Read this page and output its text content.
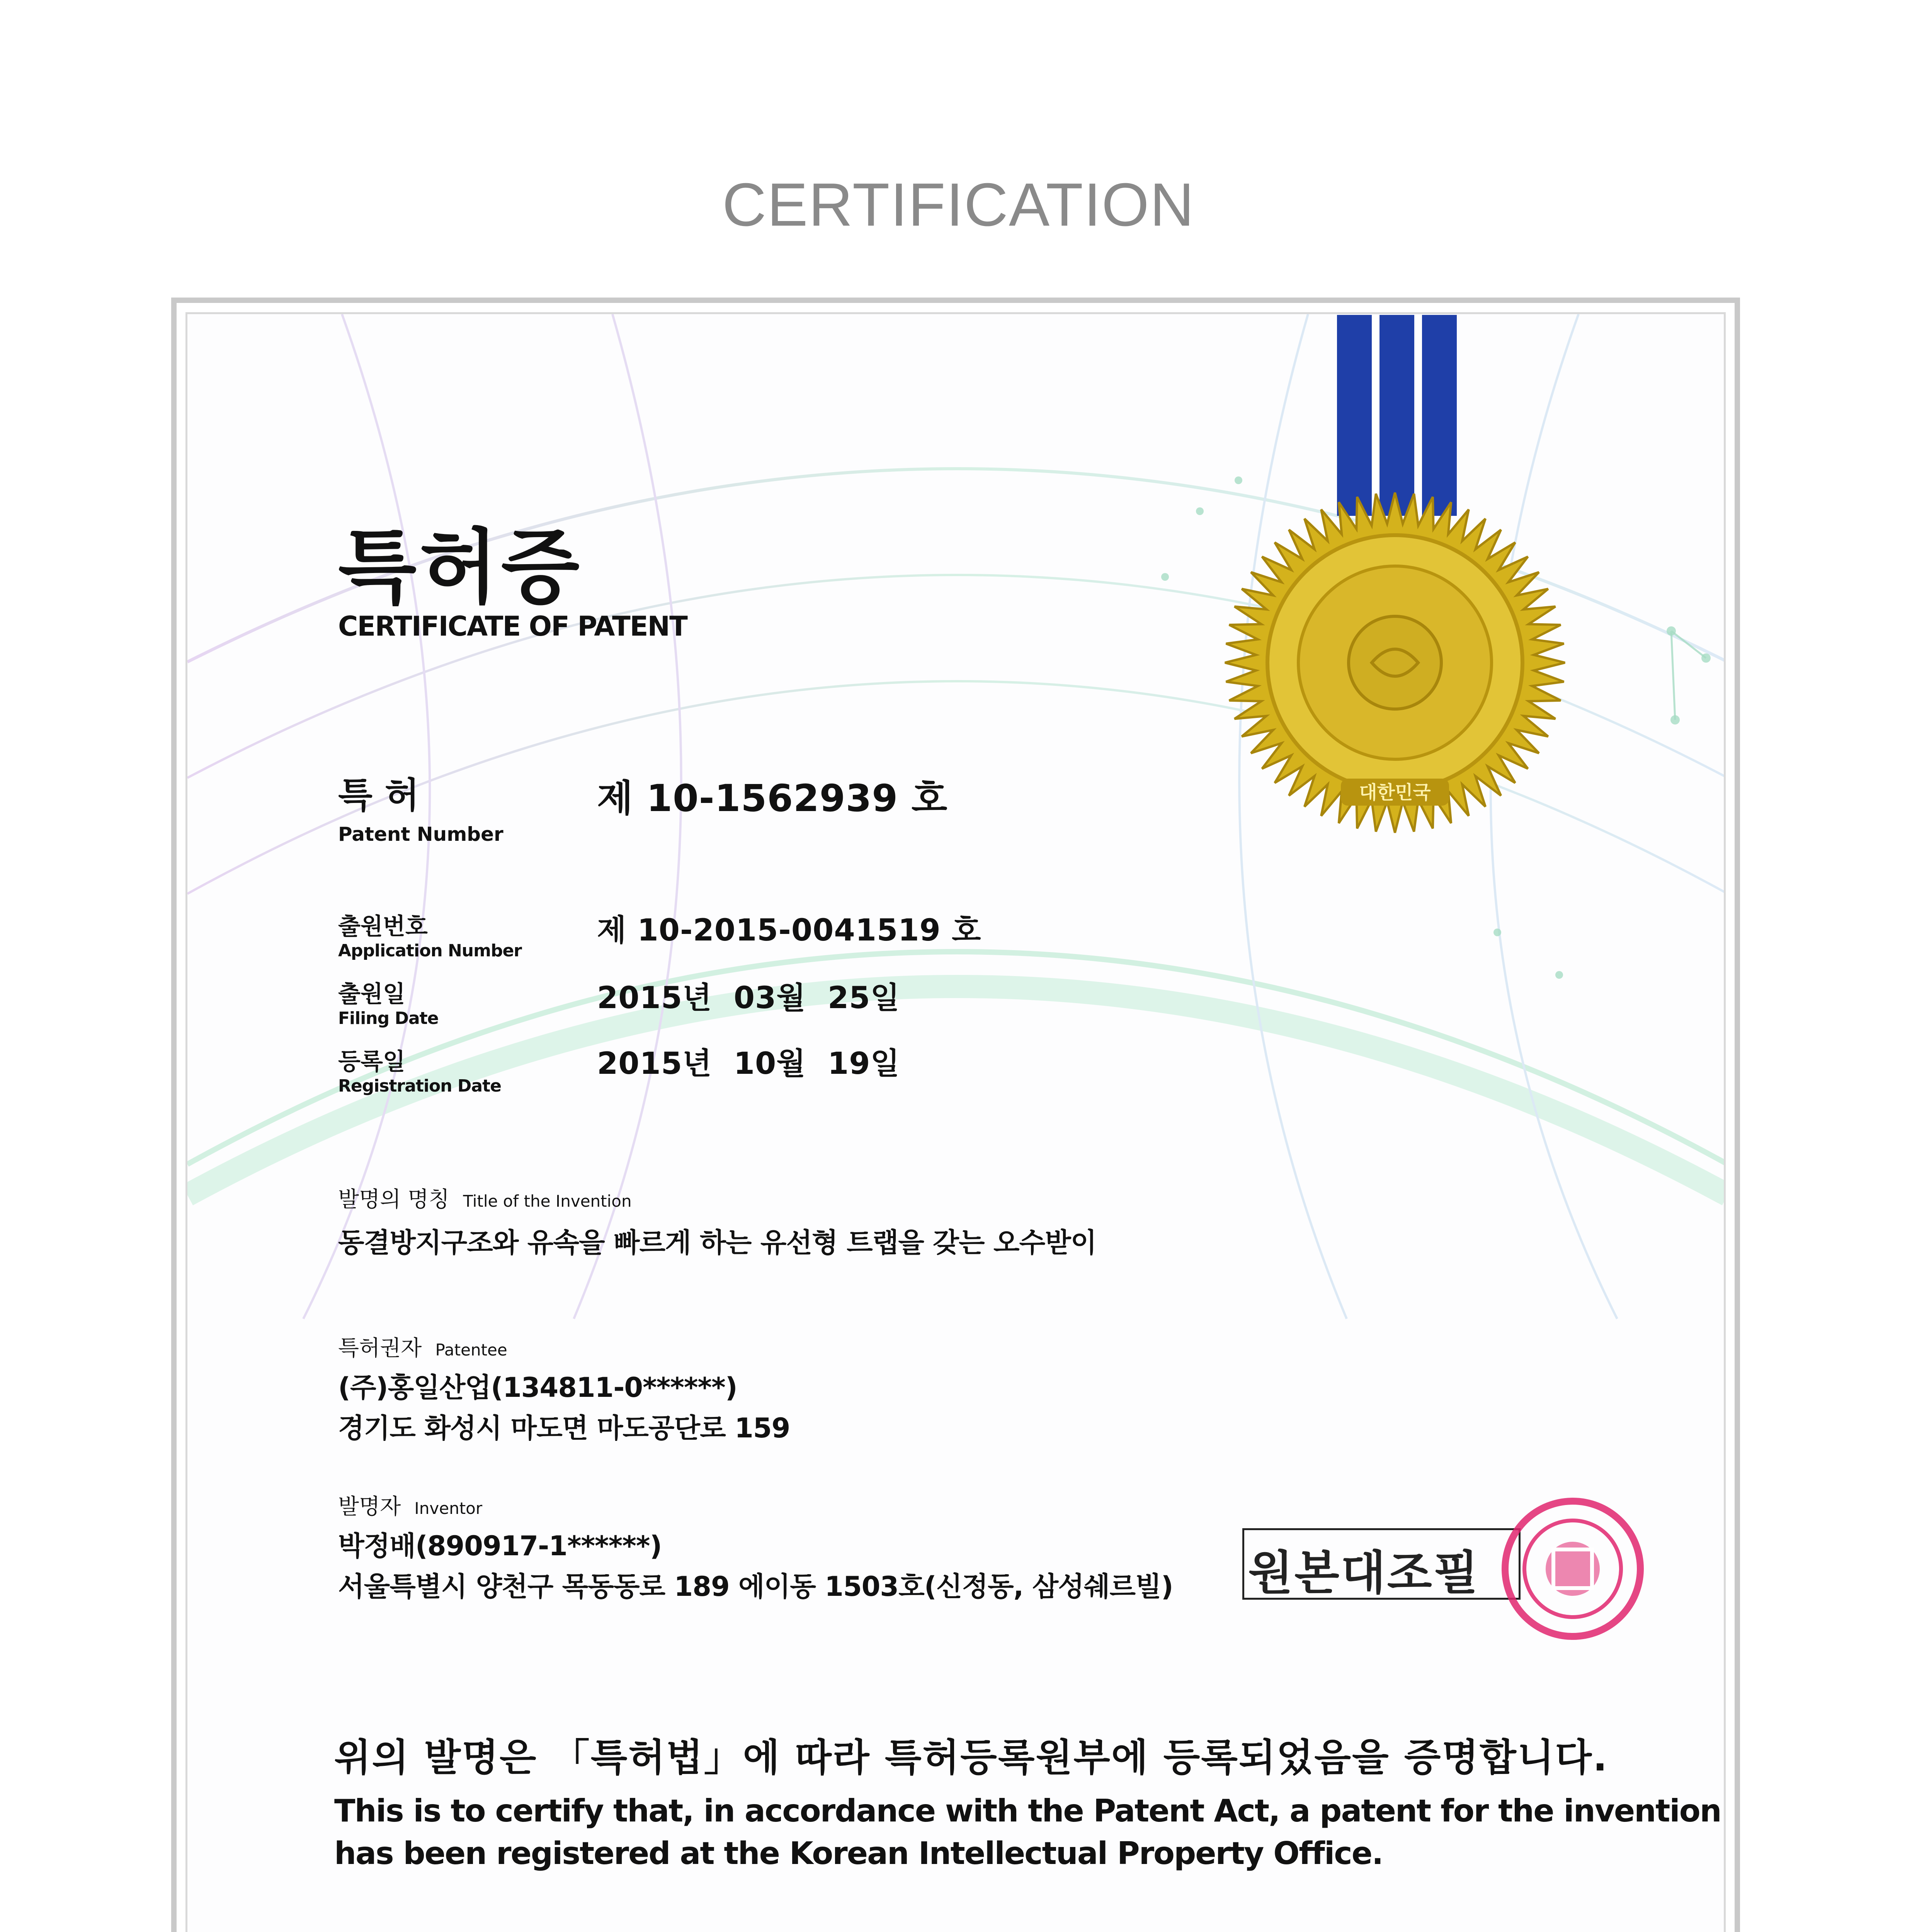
CERTIFICATION
대한민국
특허증
CERTIFICATE OF PATENT
특 허
Patent Number
제 10-1562939 호
출원번호
Application Number
제 10-2015-0041519 호
출원일
Filing Date
2015년  03월  25일
등록일
Registration Date
2015년  10월  19일
발명의 명칭 Title of the Invention
동결방지구조와 유속을 빠르게 하는 유선형 트랩을 갖는 오수받이
특허권자 Patentee
(주)홍일산업(134811-0******)
경기도 화성시 마도면 마도공단로 159
발명자 Inventor
박정배(890917-1******)
서울특별시 양천구 목동동로 189 에이동 1503호(신정동, 삼성쉐르빌) 원본대조필
위의 발명은 「특허법」에 따라 특허등록원부에 등록되었음을 증명합니다.
This is to certify that, in accordance with the Patent Act, a patent for the invention
has been registered at the Korean Intellectual Property Office.
